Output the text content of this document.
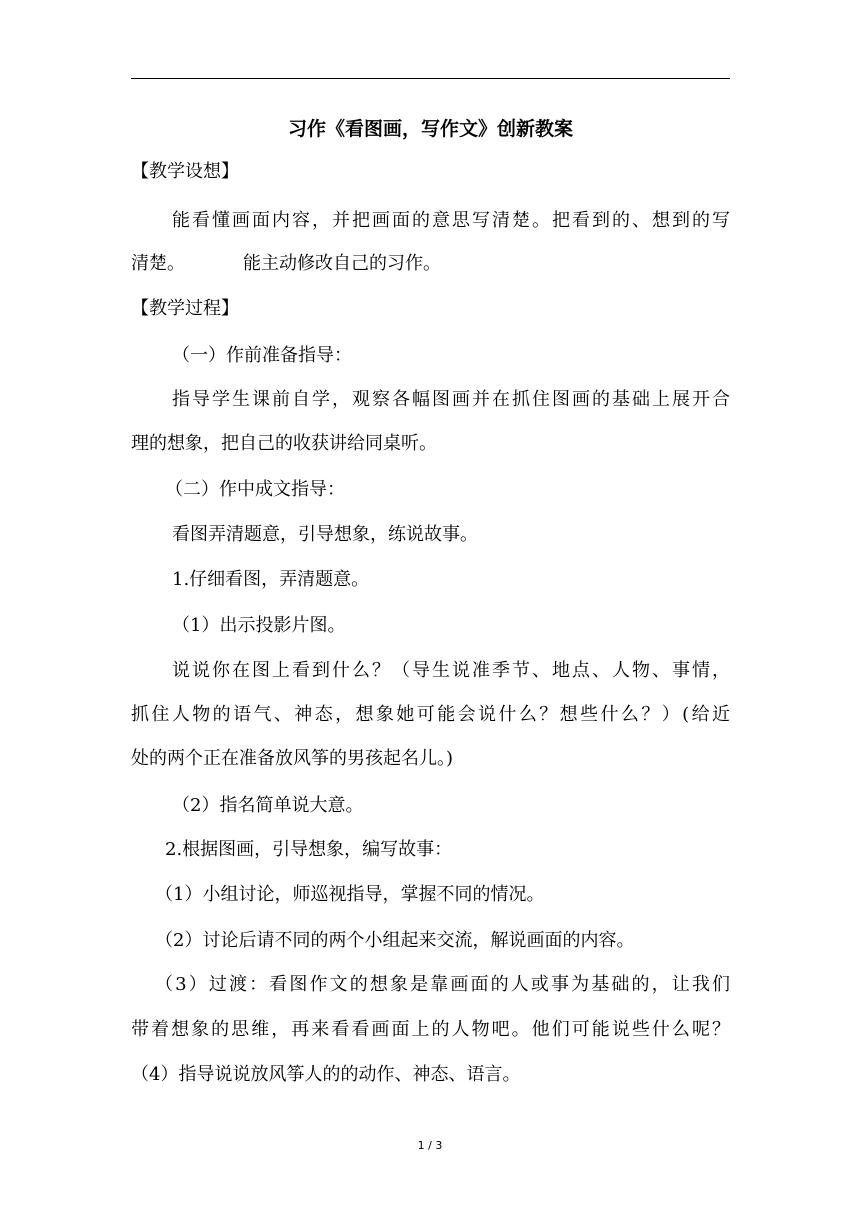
习作《看图画，写作文》创新教案
【教学设想】
能看懂画面内容，并把画面的意思写清楚。把看到的、想到的写
清楚。	能主动修改自己的习作。
【教学过程】
（一）作前准备指导：
指导学生课前自学，观察各幅图画并在抓住图画的基础上展开合
理的想象，把自己的收获讲给同桌听。
（二）作中成文指导：
看图弄清题意，引导想象，练说故事。
1.仔细看图，弄清题意。
（1）出示投影片图。
说说你在图上看到什么？（导生说准季节、地点、人物、事情，
抓住人物的语气、神态，想象她可能会说什么？想些什么？）(给近
处的两个正在准备放风筝的男孩起名儿。)
（2）指名简单说大意。
2.根据图画，引导想象，编写故事：
（1）小组讨论，师巡视指导，掌握不同的情况。
（2）讨论后请不同的两个小组起来交流，解说画面的内容。
（3）过渡：看图作文的想象是靠画面的人或事为基础的，让我们
带着想象的思维，再来看看画面上的人物吧。他们可能说些什么呢？
（4）指导说说放风筝人的的动作、神态、语言。
1 / 3
